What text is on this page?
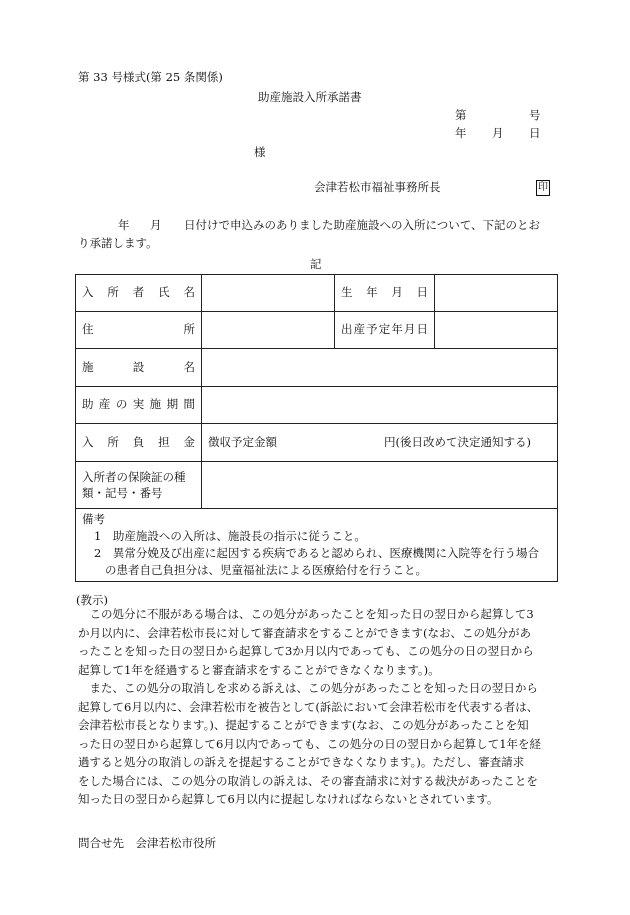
第 33 号様式(第 25 条関係)
助産施設入所承諾書
第	号
年 月 日
様
会津若松市福祉事務所長	印
年 月 日付けで申込みのありました助産施設への入所について、下記のとお
り承諾します。
記
入 所 者 氏 名		生 年 月 日	

住 所		出産予定年月日	

施 設 名			

助産の実施期間			

入 所 負 担 金	徴収予定金額 円(後日改めて決定通知する)		

入所者の保険証の種
類・記号・番号			

備考
1　助産施設への入所は、施設長の指示に従うこと。
2　異常分娩及び出産に起因する疾病であると認められ、医療機関に入院等を行う場合
の患者自己負担分は、児童福祉法による医療給付を行うこと。			
(教示)
この処分に不服がある場合は、この処分があったことを知った日の翌日から起算して3
か月以内に、会津若松市長に対して審査請求をすることができます(なお、この処分があ
ったことを知った日の翌日から起算して3か月以内であっても、この処分の日の翌日から
起算して1年を経過すると審査請求をすることができなくなります。)。
また、この処分の取消しを求める訴えは、この処分があったことを知った日の翌日から
起算して6月以内に、会津若松市を被告として(訴訟において会津若松市を代表する者は、
会津若松市長となります。)、提起することができます(なお、この処分があったことを知
った日の翌日から起算して6月以内であっても、この処分の日の翌日から起算して1年を経
過すると処分の取消しの訴えを提起することができなくなります。)。ただし、審査請求
をした場合には、この処分の取消しの訴えは、その審査請求に対する裁決があったことを
知った日の翌日から起算して6月以内に提起しなければならないとされています。
問合せ先　会津若松市役所
